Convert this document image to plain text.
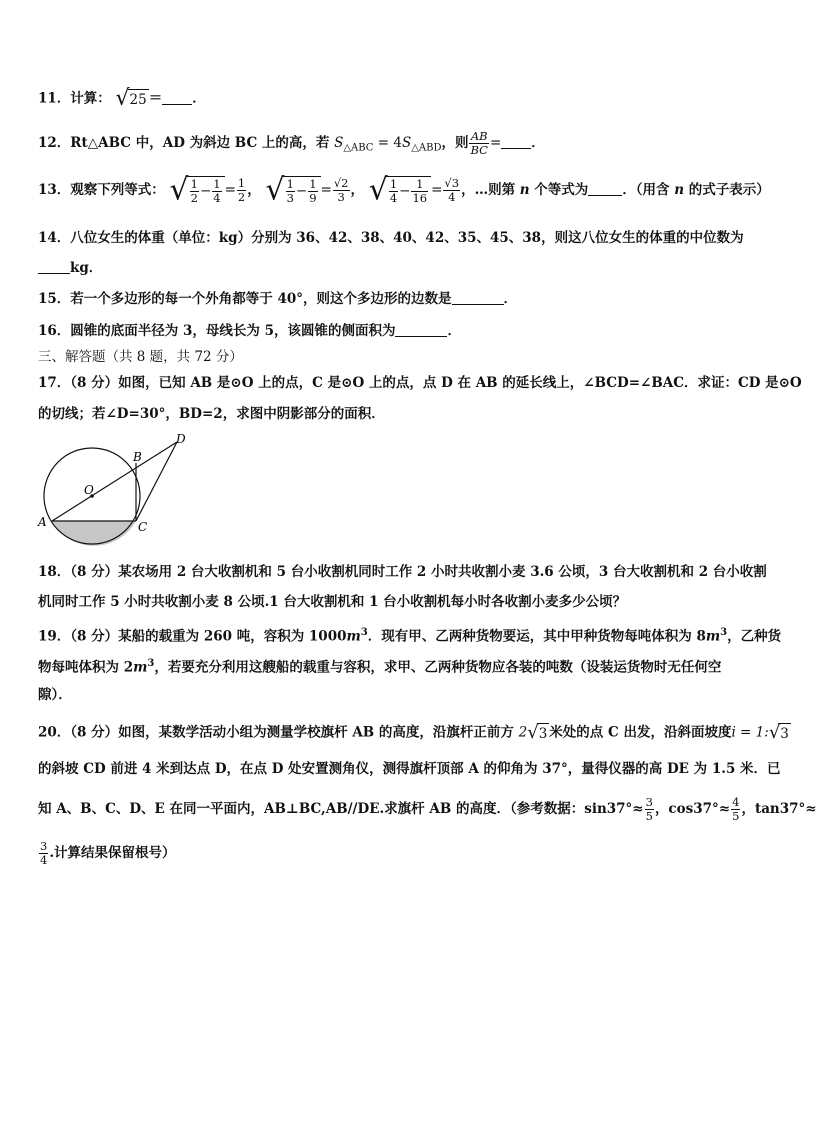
11．计算： √25 ＝ ．
12．Rt△ABC 中，AD 为斜边 BC 上的高，若 $S_{\triangle ABC} = 4S_{\triangle ABD}$，则 $\frac{AB}{BC}$ = ．
13．观察下列等式： √ $\frac{1}{2} - \frac{1}{4} = \frac{1}{2}$ ， √ $\frac{1}{3} - \frac{1}{9} = \frac{√2}{3}$ ， √ $\frac{1}{4} - \frac{1}{16} = \frac{√3}{4}$ ，…则第 n 个等式为	．（用含 n 的式子表示）
14．八位女生的体重（单位：kg）分别为 36、42、38、40、42、35、45、38，则这八位女生的体重的中位数为
kg．
15．若一个多边形的每一个外角都等于 40°，则这个多边形的边数是	．
16．圆锥的底面半径为 3，母线长为 5，该圆锥的侧面积为	．
三、解答题（共 8 题，共 72 分）
17．（8 分）如图，已知 AB 是⊙O 上的点，C 是⊙O 上的点，点 D 在 AB 的延长线上，∠BCD=∠BAC．求证：CD 是⊙O
的切线；若∠D=30°，BD=2，求图中阴影部分的面积．
D
B
O
A	C
18．（8 分）某农场用 2 台大收割机和 5 台小收割机同时工作 2 小时共收割小麦 3.6 公顷，3 台大收割机和 2 台小收割
机同时工作 5 小时共收割小麦 8 公顷.1 台大收割机和 1 台小收割机每小时各收割小麦多少公顷？
19．（8 分）某船的载重为 260 吨，容积为 $1000m^3$．现有甲、乙两种货物要运，其中甲种货物每吨体积为 $8m^3$，乙种货
物每吨体积为 $2m^3$，若要充分利用这艘船的载重与容积，求甲、乙两种货物应各装的吨数（设装运货物时无任何空
隙）．
20．（8 分）如图，某数学活动小组为测量学校旗杆 AB 的高度，沿旗杆正前方 2√3 米处的点 C 出发，沿斜面坡度i = 1:√3
的斜坡 CD 前进 4 米到达点 D，在点 D 处安置测角仪，测得旗杆顶部 A 的仰角为 37°，量得仪器的高 DE 为 1.5 米．已
知 A、B、C、D、E 在同一平面内，AB⊥BC,AB//DE.求旗杆 AB 的高度．（参考数据：$\sin 37^\circ\approx \frac{3}{5}$ ，$\cos 37^\circ\approx \frac{4}{5}$ ，tan37°≈
$\frac{3}{4}$ .计算结果保留根号）
